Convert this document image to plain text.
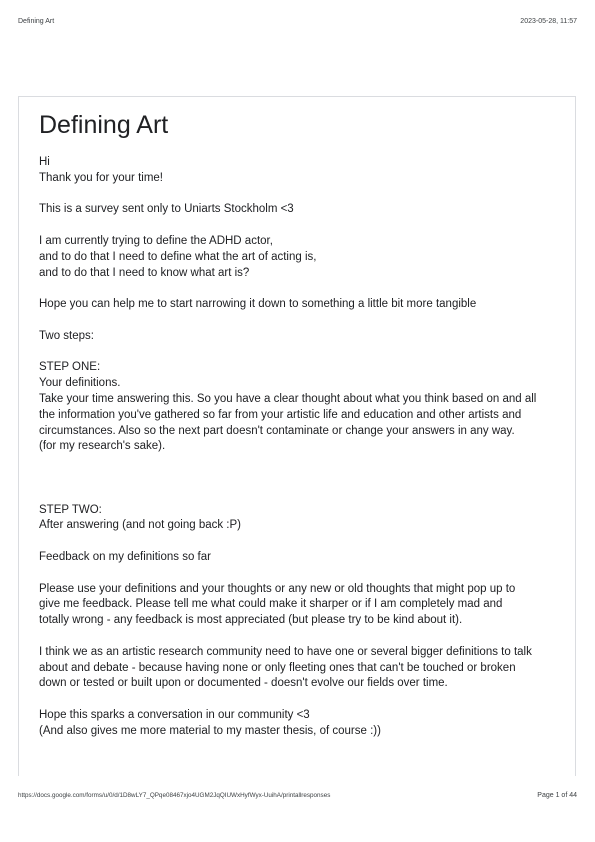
Defining Art	2023-05-28, 11:57
Defining Art
Hi
Thank you for your time!
This is a survey sent only to Uniarts Stockholm <3
I am currently trying to define the ADHD actor,
and to do that I need to define what the art of acting is,
and to do that I need to know what art is?
Hope you can help me to start narrowing it down to something a little bit more tangible
Two steps:
STEP ONE:
Your definitions.
Take your time answering this. So you have a clear thought about what you think based on and all
the information you've gathered so far from your artistic life and education and other artists and
circumstances. Also so the next part doesn't contaminate or change your answers in any way.
(for my research's sake).
STEP TWO:
After answering (and not going back :P)
Feedback on my definitions so far
Please use your definitions and your thoughts or any new or old thoughts that might pop up to
give me feedback. Please tell me what could make it sharper or if I am completely mad and
totally wrong - any feedback is most appreciated (but please try to be kind about it).
I think we as an artistic research community need to have one or several bigger definitions to talk
about and debate - because having none or only fleeting ones that can't be touched or broken
down or tested or built upon or documented - doesn't evolve our fields over time.
Hope this sparks a conversation in our community <3
(And also gives me more material to my master thesis, of course :))
https://docs.google.com/forms/u/0/d/1D8wLY7_QPqe08467xjo4UGM2JqQIUWxHyfWyx-UuihA/printallresponses	Page 1 of 44
